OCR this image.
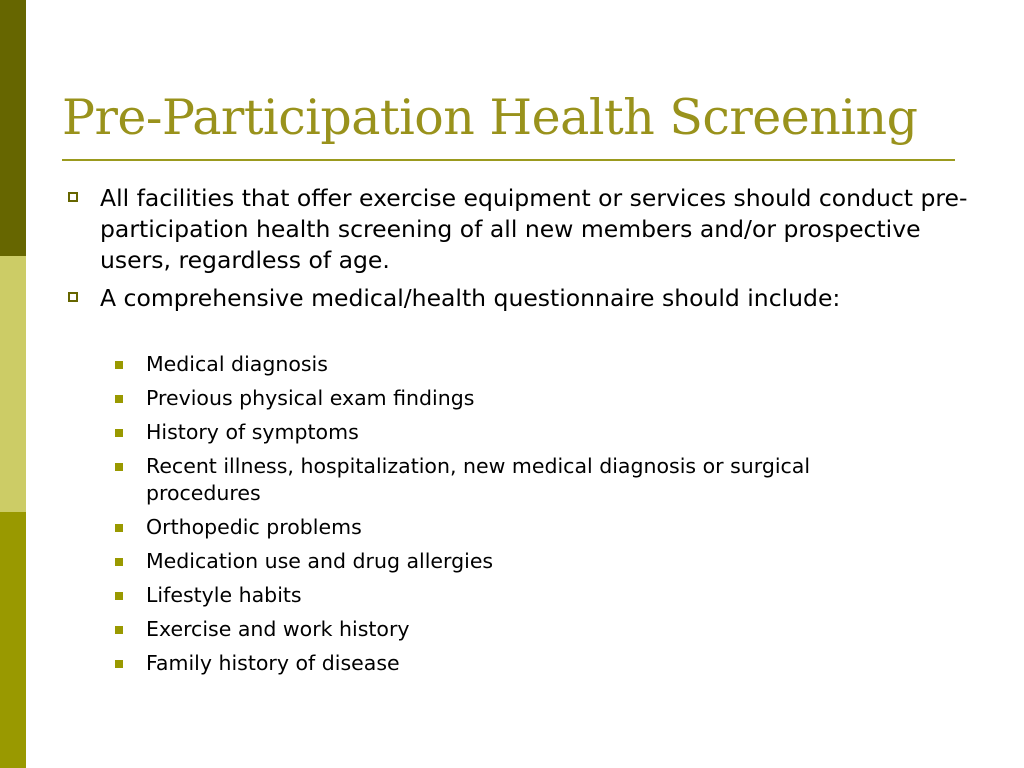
Pre-Participation Health Screening
All facilities that offer exercise equipment or services should conduct pre-participation health screening of all new members and/or prospective users, regardless of age.
A comprehensive medical/health questionnaire should include:
Medical diagnosis
Previous physical exam findings
History of symptoms
Recent illness, hospitalization, new medical diagnosis or surgical procedures
Orthopedic problems
Medication use and drug allergies
Lifestyle habits
Exercise and work history
Family history of disease
